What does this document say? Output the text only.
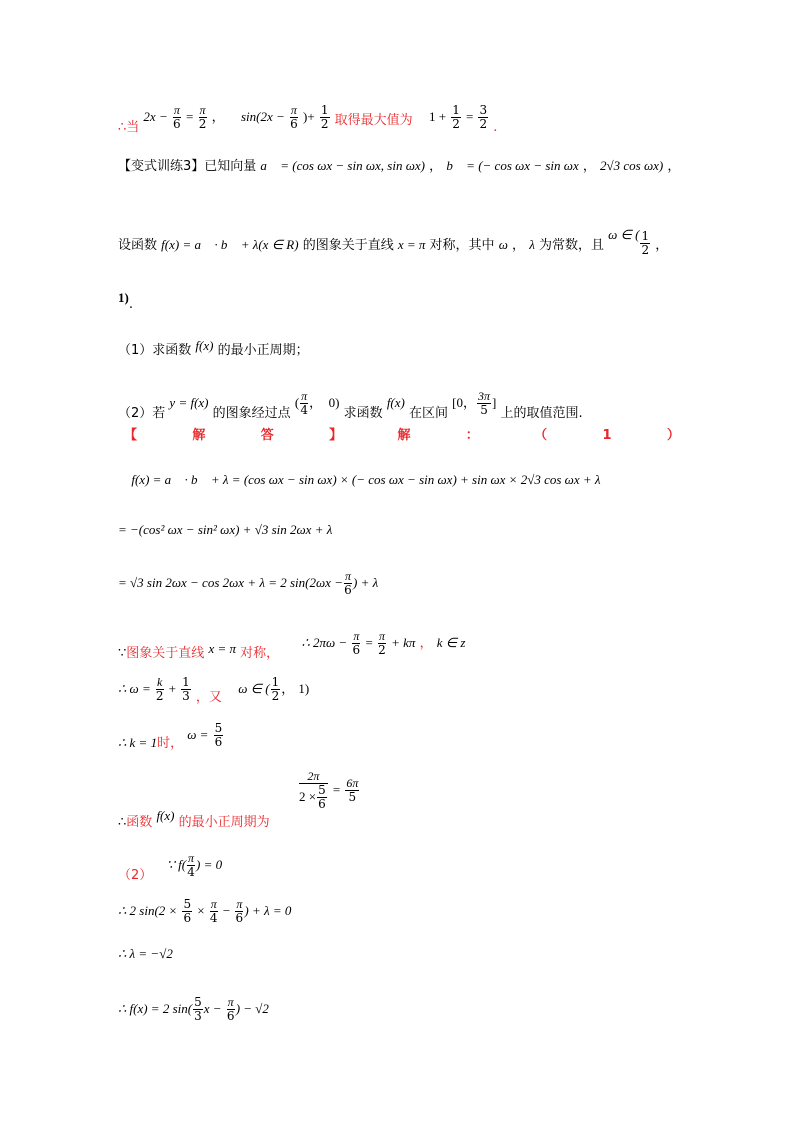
∴当 $2x - \frac{\pi}{6} = \frac{\pi}{2}$ ， $\sin(2x - \frac{\pi}{6}$ )+ $\frac{1}{2}$ 取得最大值为 $1 + \frac{1}{2} = \frac{3}{2}$ .
【变式训练3】已知向量 a⃗ = (cos ωx − sin ωx, sin ωx) ， b⃗ = (− cos ωx − sin ωx ， 2√3 cos ωx) ，
设函数 f(x) = a⃗ · b⃗ + λ(x ∈ R) 的图象关于直线 x = π 对称，其中 ω ， λ 为常数，且 ω ∈ ( $\frac{1}{2}$ ，
1).
（1）求函数 f(x) 的最小正周期；
（2）若 y = f(x) 的图象经过点 ( $\frac{\pi}{4}$ ，　0) 求函数 f(x) 在区间 [0， $\frac{3\pi}{5}$ ] 上的取值范围.
【	解	答	】	解	：	（	1	）
∵ f(x) = a⃗ · b⃗ + λ = (cos ωx − sin ωx) × (− cos ωx − sin ωx) + sin ωx × 2√3 cos ωx + λ
= −(cos² ωx − sin² ωx) + √3 sin 2ωx + λ
= √3 sin 2ωx − cos 2ωx + λ = 2 $\sin(2\omega x - \frac{\pi}{6}$ ) + λ
∵图象关于直线 x = π 对称，  ∴ $2\pi\omega - \frac{\pi}{6} = \frac{\pi}{2} + k\pi$ ， k ∈ z
∴ $\omega = \frac{k}{2} + \frac{1}{3}$ ，又  ω ∈ ( $\frac{1}{2}$ ， 1)
∴ k = 1时， $\omega = \frac{5}{6}$
$\frac{2\pi}{2 \times \frac{5}{6}} = \frac{6\pi}{5}$
∴函数 f(x) 的最小正周期为
（2）  ∵ $f( \frac{\pi}{4}$ ) = 0
∴ 2 $\sin(2 \times \frac{5}{6} \times \frac{\pi}{4} - \frac{\pi}{6}$ ) + λ = 0
∴ λ = −√2
∴ f(x) = 2 $\sin( \frac{5}{3}$ $x - \frac{\pi}{6}$ ) − √2
